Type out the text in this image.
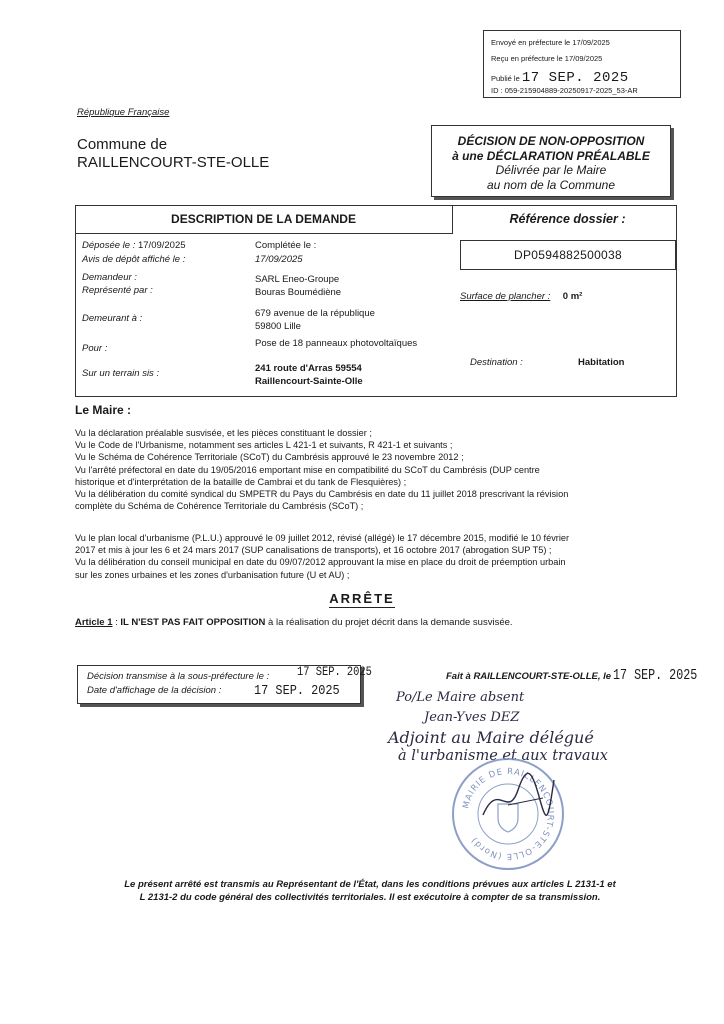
Envoyé en préfecture le 17/09/2025
Reçu en préfecture le 17/09/2025
Publié le 17 SEP. 2025
ID : 059-215904889-20250917-2025_53-AR
République Française
Commune de
RAILLENCOURT-STE-OLLE
DÉCISION DE NON-OPPOSITION
à une DÉCLARATION PRÉALABLE
Délivrée par le Maire
au nom de la Commune
DESCRIPTION DE LA DEMANDE	Référence dossier :
DP0594882500038
Déposée le : 17/09/2025	Complétée le :
Avis de dépôt affiché le :	17/09/2025
Demandeur :	SARL Eneo-Groupe
Représenté par :	Bouras Boumédiène
Demeurant à :	679 avenue de la république
59800 Lille
Pour :	Pose de 18 panneaux photovoltaïques
Sur un terrain sis :	241 route d'Arras 59554
Raillencourt-Sainte-Olle
Surface de plancher : 0 m²
Destination :	Habitation
Le Maire :
Vu la déclaration préalable susvisée, et les pièces constituant le dossier ;
Vu le Code de l'Urbanisme, notamment ses articles L 421-1 et suivants, R 421-1 et suivants ;
Vu le Schéma de Cohérence Territoriale (SCoT) du Cambrésis approuvé le 23 novembre 2012 ;
Vu l'arrêté préfectoral en date du 19/05/2016 emportant mise en compatibilité du SCoT du Cambrésis (DUP centre
historique et d'interprétation de la bataille de Cambrai et du tank de Flesquières) ;
Vu la délibération du comité syndical du SMPETR du Pays du Cambrésis en date du 11 juillet 2018 prescrivant la révision
complète du Schéma de Cohérence Territoriale du Cambrésis (SCoT) ;
Vu le plan local d'urbanisme (P.L.U.) approuvé le 09 juillet 2012, révisé (allégé) le 17 décembre 2015, modifié le 10 février
2017 et mis à jour les 6 et 24 mars 2017 (SUP canalisations de transports), et 16 octobre 2017 (abrogation SUP T5) ;
Vu la délibération du conseil municipal en date du 09/07/2012 approuvant la mise en place du droit de préemption urbain
sur les zones urbaines et les zones d'urbanisation future (U et AU) ;
ARRÊTE
Article 1 : IL N'EST PAS FAIT OPPOSITION à la réalisation du projet décrit dans la demande susvisée.
Décision transmise à la sous-préfecture le : 17 SEP. 2025
Date d'affichage de la décision : 17 SEP. 2025
Fait à RAILLENCOURT-STE-OLLE, le 17 SEP. 2025
Po/Le Maire absent
Jean-Yves DEZ
Adjoint au Maire délégué
à l'urbanisme et aux travaux
MAIRIE DE RAILLENCOURT-STE-OLLE (Nord)
Le présent arrêté est transmis au Représentant de l'État, dans les conditions prévues aux articles L 2131-1 et
L 2131-2 du code général des collectivités territoriales. Il est exécutoire à compter de sa transmission.
